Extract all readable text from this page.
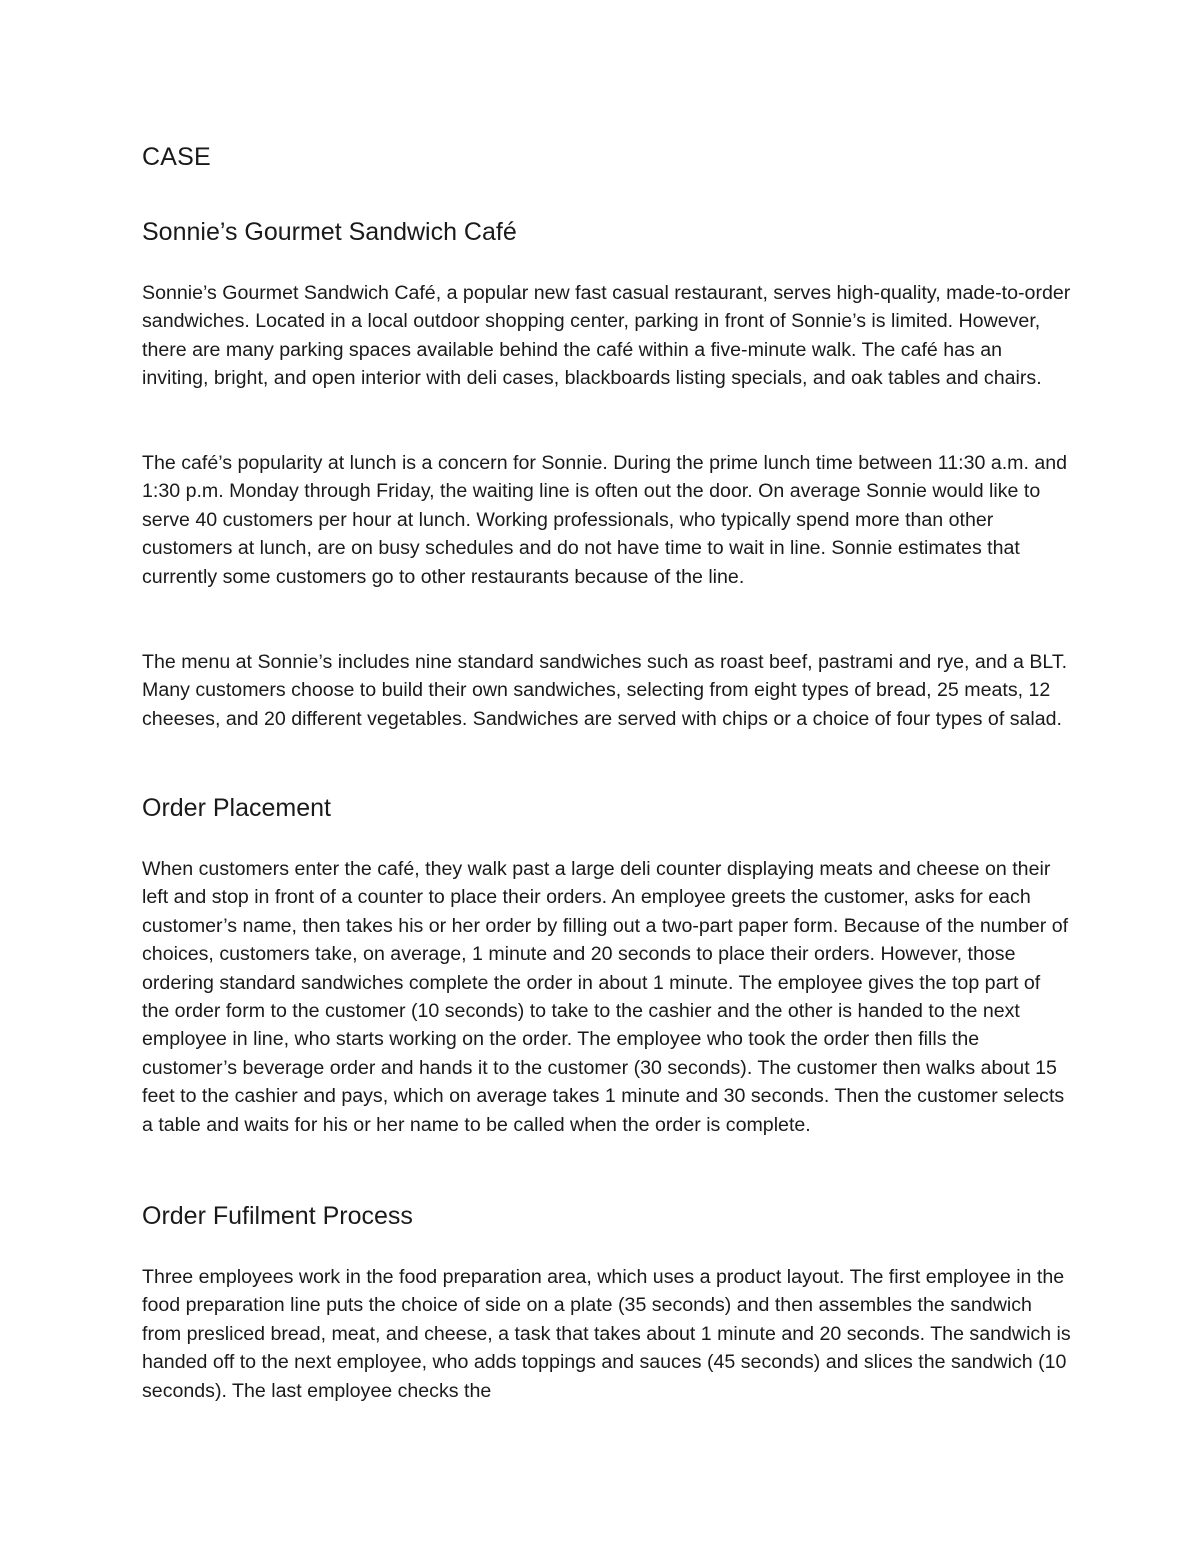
CASE
Sonnie’s Gourmet Sandwich Café

Sonnie’s Gourmet Sandwich Café, a popular new fast casual restaurant, serves high-quality, made-to-order sandwiches. Located in a local outdoor shopping center, parking in front of Sonnie’s is limited. However, there are many parking spaces available behind the café within a five-minute walk. The café has an inviting, bright, and open interior with deli cases, blackboards listing specials, and oak tables and chairs.

The café’s popularity at lunch is a concern for Sonnie. During the prime lunch time between 11:30 a.m. and 1:30 p.m. Monday through Friday, the waiting line is often out the door. On average Sonnie would like to serve 40 customers per hour at lunch. Working professionals, who typically spend more than other customers at lunch, are on busy schedules and do not have time to wait in line. Sonnie estimates that currently some customers go to other restaurants because of the line.

The menu at Sonnie’s includes nine standard sandwiches such as roast beef, pastrami and rye, and a BLT. Many customers choose to build their own sandwiches, selecting from eight types of bread, 25 meats, 12 cheeses, and 20 different vegetables. Sandwiches are served with chips or a choice of four types of salad.

Order Placement

When customers enter the café, they walk past a large deli counter displaying meats and cheese on their left and stop in front of a counter to place their orders. An employee greets the customer, asks for each customer’s name, then takes his or her order by filling out a two-part paper form. Because of the number of choices, customers take, on average, 1 minute and 20 seconds to place their orders. However, those ordering standard sandwiches complete the order in about 1 minute. The employee gives the top part of the order form to the customer (10 seconds) to take to the cashier and the other is handed to the next employee in line, who starts working on the order. The employee who took the order then fills the customer’s beverage order and hands it to the customer (30 seconds). The customer then walks about 15 feet to the cashier and pays, which on average takes 1 minute and 30 seconds. Then the customer selects a table and waits for his or her name to be called when the order is complete.

Order Fufilment Process

Three employees work in the food preparation area, which uses a product layout. The first employee in the food preparation line puts the choice of side on a plate (35 seconds) and then assembles the sandwich from presliced bread, meat, and cheese, a task that takes about 1 minute and 20 seconds. The sandwich is handed off to the next employee, who adds toppings and sauces (45 seconds) and slices the sandwich (10 seconds). The last employee checks the
